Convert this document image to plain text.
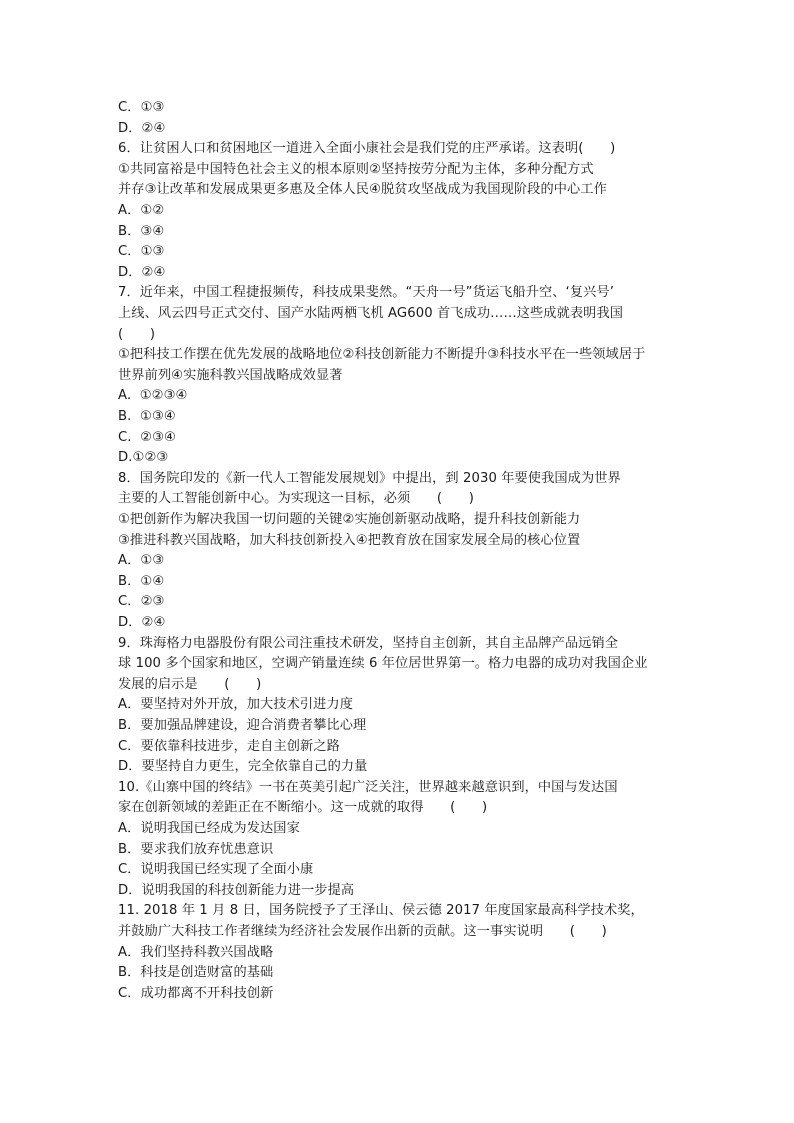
C．①③
D．②④
6．让贫困人口和贫困地区一道进入全面小康社会是我们党的庄严承诺。这表明(　　)
①共同富裕是中国特色社会主义的根本原则②坚持按劳分配为主体，多种分配方式
并存③让改革和发展成果更多惠及全体人民④脱贫攻坚战成为我国现阶段的中心工作
A．①②
B．③④
C．①③
D．②④
7．近年来，中国工程捷报频传，科技成果斐然。“天舟一号”货运飞船升空、‘复兴号’
上线、风云四号正式交付、国产水陆两栖飞机 AG600 首飞成功……这些成就表明我国
(　　)
①把科技工作摆在优先发展的战略地位②科技创新能力不断提升③科技水平在一些领域居于
世界前列④实施科教兴国战略成效显著
A.  ①②③④
B.  ①③④
C.  ②③④
D.①②③
8．国务院印发的《新一代人工智能发展规划》中提出，到 2030 年要使我国成为世界
主要的人工智能创新中心。为实现这一目标，必须　　(　　)
①把创新作为解决我国一切问题的关键②实施创新驱动战略，提升科技创新能力
③推进科教兴国战略，加大科技创新投入④把教育放在国家发展全局的核心位置
A．①③
B．①④
C．②③
D．②④
9．珠海格力电器股份有限公司注重技术研发，坚持自主创新，其自主品牌产品远销全
球 100 多个国家和地区，空调产销量连续 6 年位居世界第一。格力电器的成功对我国企业
发展的启示是　　(　　)
A．要坚持对外开放，加大技术引进力度
B．要加强品牌建设，迎合消费者攀比心理
C．要依靠科技进步，走自主创新之路
D．要坚持自力更生，完全依靠自己的力量
10.《山寨中国的终结》一书在英美引起广泛关注，世界越来越意识到，中国与发达国
家在创新领域的差距正在不断缩小。这一成就的取得　　(　　)
A．说明我国已经成为发达国家
B．要求我们放弃忧患意识
C．说明我国已经实现了全面小康
D．说明我国的科技创新能力进一步提高
11. 2018 年 1 月 8 日，国务院授予了王泽山、侯云德 2017 年度国家最高科学技术奖，
并鼓励广大科技工作者继续为经济社会发展作出新的贡献。这一事实说明　　(　　)
A．我们坚持科教兴国战略
B．科技是创造财富的基础
C．成功都离不开科技创新
